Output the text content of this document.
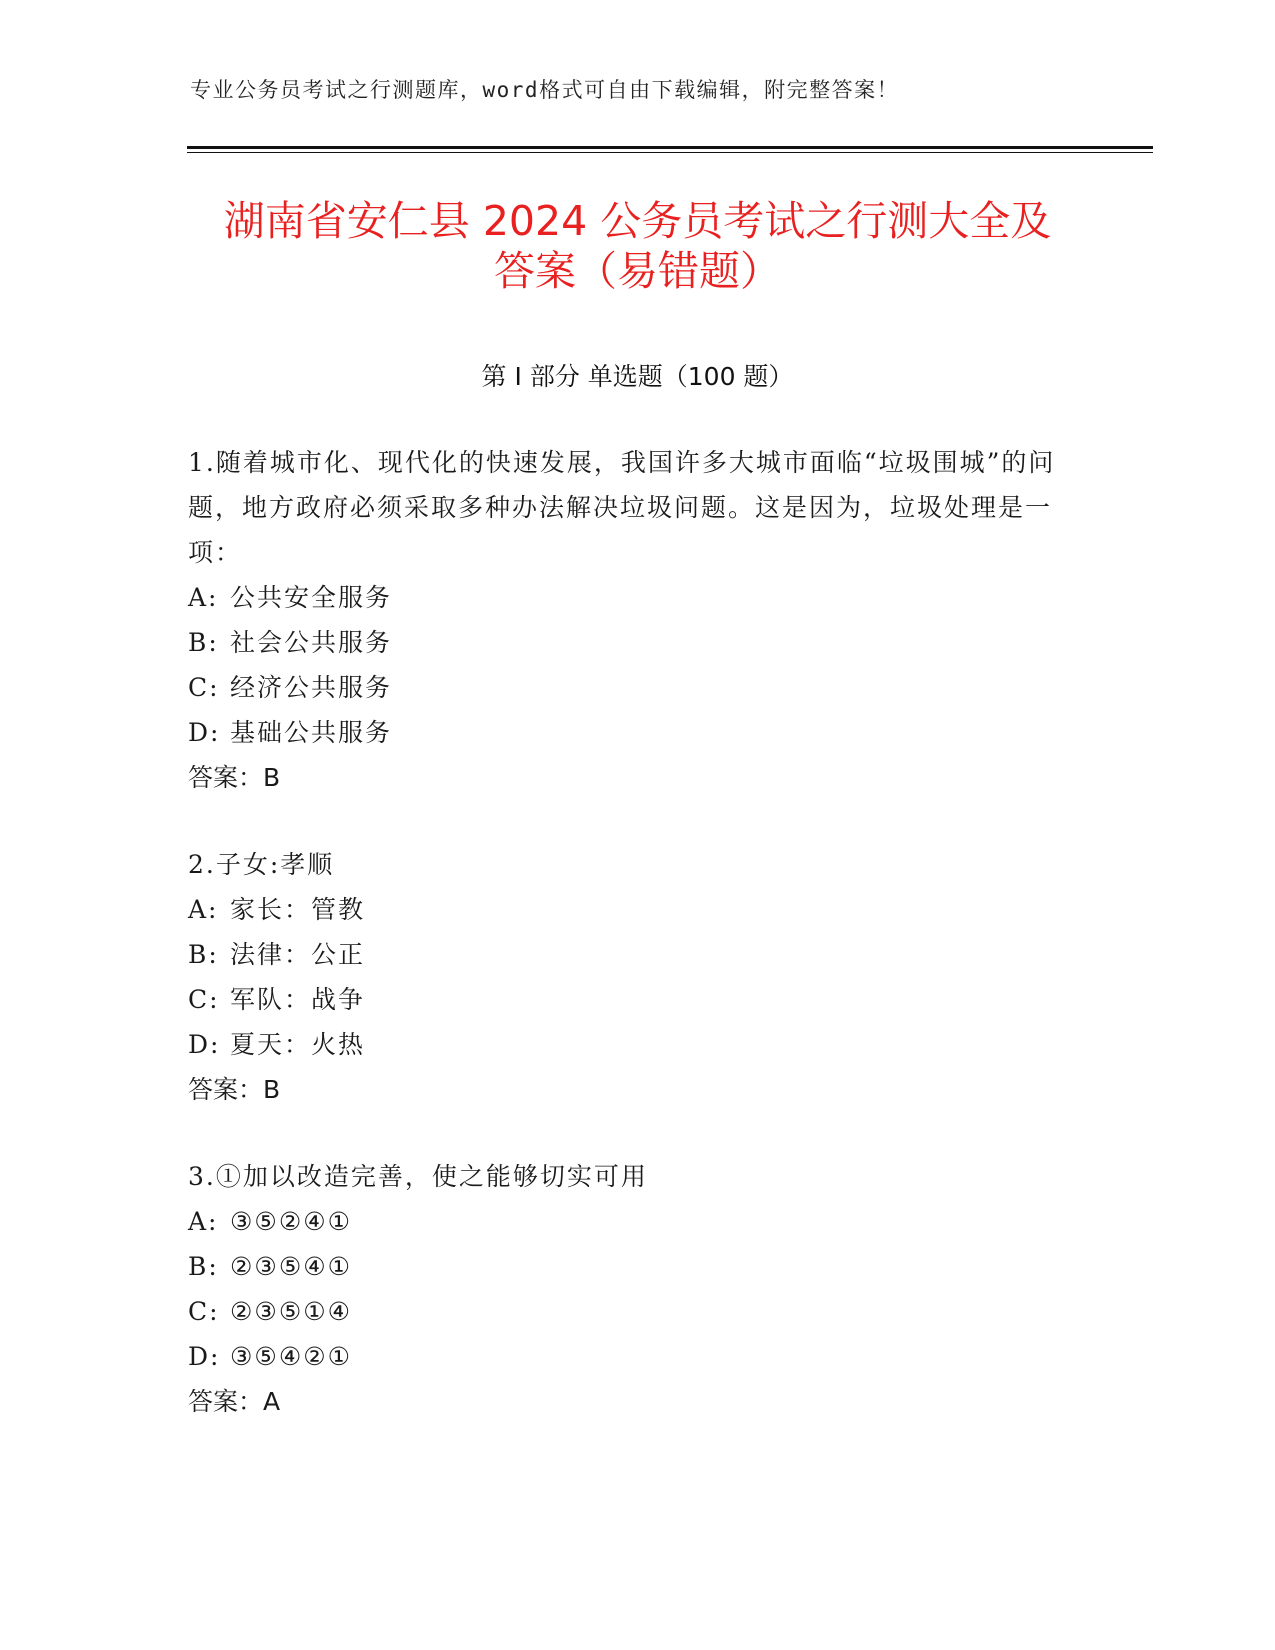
专业公务员考试之行测题库，word格式可自由下载编辑，附完整答案！
湖南省安仁县 2024 公务员考试之行测大全及
答案（易错题）
第 I 部分 单选题（100 题）

1.随着城市化、现代化的快速发展，我国许多大城市面临“垃圾围城”的问题，地方政府必须采取多种办法解决垃圾问题。这是因为，垃圾处理是一项：

A: 公共安全服务

B: 社会公共服务

C: 经济公共服务

D: 基础公共服务

答案：B

2.子女:孝顺

A: 家长：管教

B: 法律：公正

C: 军队：战争

D: 夏天：火热

答案：B

3.①加以改造完善，使之能够切实可用

A: ③⑤②④①

B: ②③⑤④①

C: ②③⑤①④

D: ③⑤④②①

答案：A
